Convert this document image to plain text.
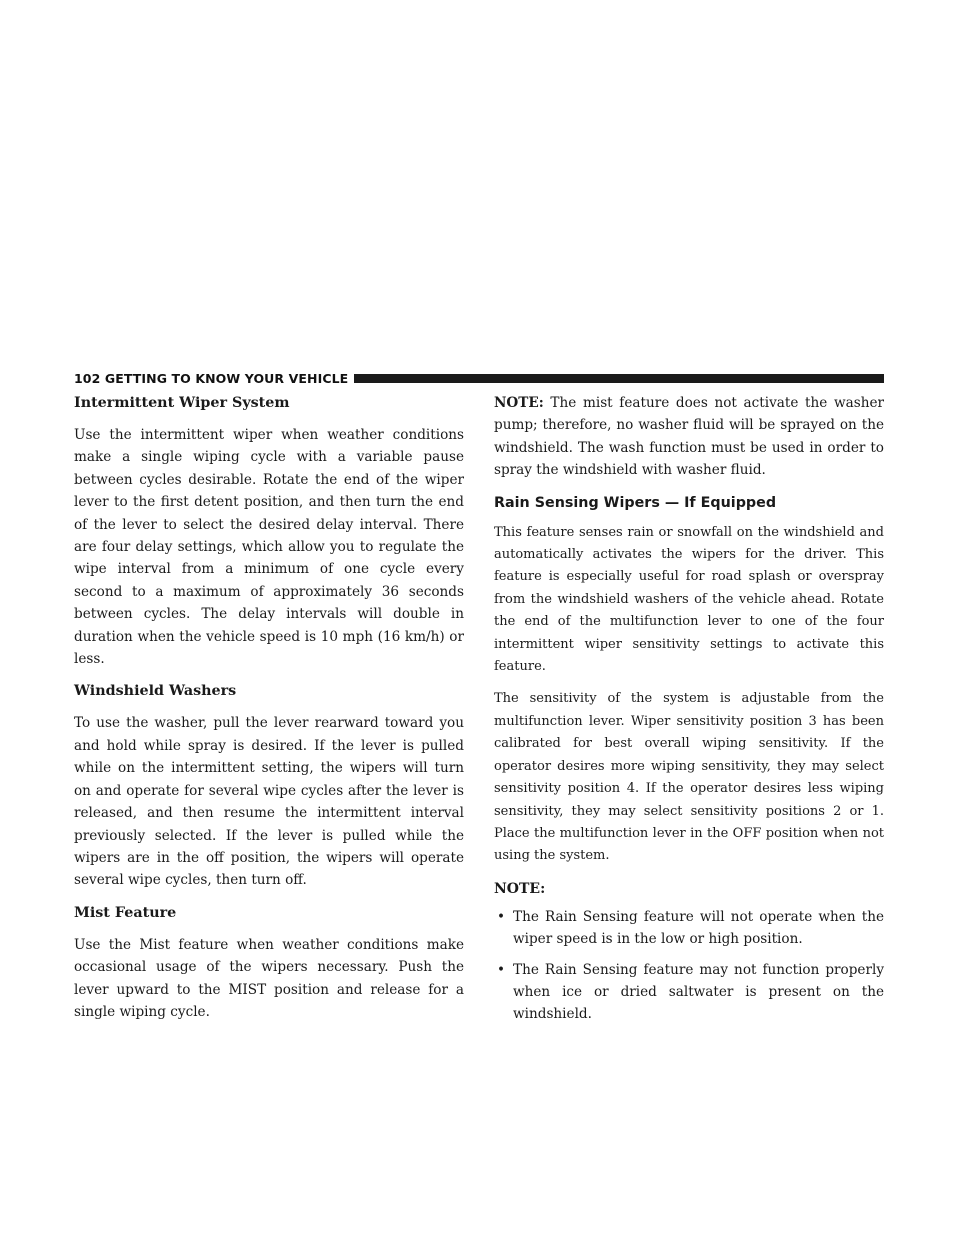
102 GETTING TO KNOW YOUR VEHICLE
Intermittent Wiper System

Use the intermittent wiper when weather conditions make a single wiping cycle with a variable pause between cycles desirable. Rotate the end of the wiper lever to the first detent position, and then turn the end of the lever to select the desired delay interval. There are four delay settings, which allow you to regulate the wipe interval from a minimum of one cycle every second to a maximum of approximately 36 seconds between cycles. The delay intervals will double in duration when the vehicle speed is 10 mph (16 km/h) or less.

Windshield Washers

To use the washer, pull the lever rearward toward you and hold while spray is desired. If the lever is pulled while on the intermittent setting, the wipers will turn on and operate for several wipe cycles after the lever is released, and then resume the intermittent interval previously selected. If the lever is pulled while the wipers are in the off position, the wipers will operate several wipe cycles, then turn off.

Mist Feature

Use the Mist feature when weather conditions make occasional usage of the wipers necessary. Push the lever upward to the MIST position and release for a single wiping cycle.

NOTE: The mist feature does not activate the washer pump; therefore, no washer fluid will be sprayed on the windshield. The wash function must be used in order to spray the windshield with washer fluid.

Rain Sensing Wipers — If Equipped

This feature senses rain or snowfall on the windshield and automatically activates the wipers for the driver. This feature is especially useful for road splash or overspray from the windshield washers of the vehicle ahead. Rotate the end of the multifunction lever to one of the four intermittent wiper sensitivity settings to activate this feature.

The sensitivity of the system is adjustable from the multifunction lever. Wiper sensitivity position 3 has been calibrated for best overall wiping sensitivity. If the operator desires more wiping sensitivity, they may select sensitivity position 4. If the operator desires less wiping sensitivity, they may select sensitivity positions 2 or 1. Place the multifunction lever in the OFF position when not using the system.

NOTE:
• The Rain Sensing feature will not operate when the wiper speed is in the low or high position.
• The Rain Sensing feature may not function properly when ice or dried saltwater is present on the windshield.
